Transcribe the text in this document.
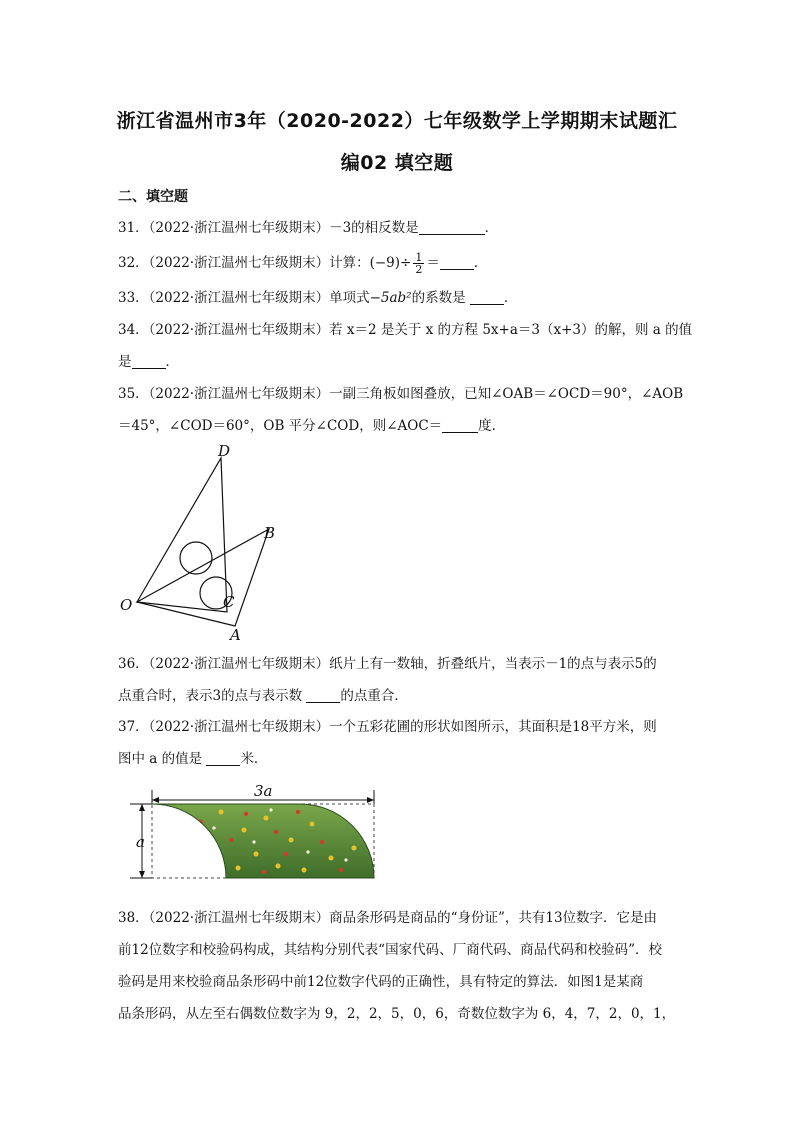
浙江省温州市3年（2020-2022）七年级数学上学期期末试题汇
编02 填空题
二、填空题
31．（2022·浙江温州七年级期末）－3的相反数是	．
32．（2022·浙江温州七年级期末）计算：$(-9)\div \frac{1}{2}$ ＝	．
33．（2022·浙江温州七年级期末）单项式−5ab²的系数是	．
34．（2022·浙江温州七年级期末）若 x＝2 是关于 x 的方程 5x+a＝3（x+3）的解，则 a 的值
是	．
35．（2022·浙江温州七年级期末）一副三角板如图叠放，已知∠OAB＝∠OCD＝90°，∠AOB
＝45°，∠COD＝60°，OB 平分∠COD，则∠AOC＝	度．
D
B
O	C
A
36．（2022·浙江温州七年级期末）纸片上有一数轴，折叠纸片，当表示－1的点与表示5的
点重合时，表示3的点与表示数	的点重合．
37．（2022·浙江温州七年级期末）一个五彩花圃的形状如图所示，其面积是18平方米，则
图中 a 的值是	米．
3a
a
38．（2022·浙江温州七年级期末）商品条形码是商品的“身份证”，共有13位数字．它是由
前12位数字和校验码构成，其结构分别代表“国家代码、厂商代码、商品代码和校验码”．校
验码是用来校验商品条形码中前12位数字代码的正确性，具有特定的算法．如图1是某商
品条形码，从左至右偶数位数字为 9，2，2，5，0，6，奇数位数字为 6，4，7，2，0，1，
